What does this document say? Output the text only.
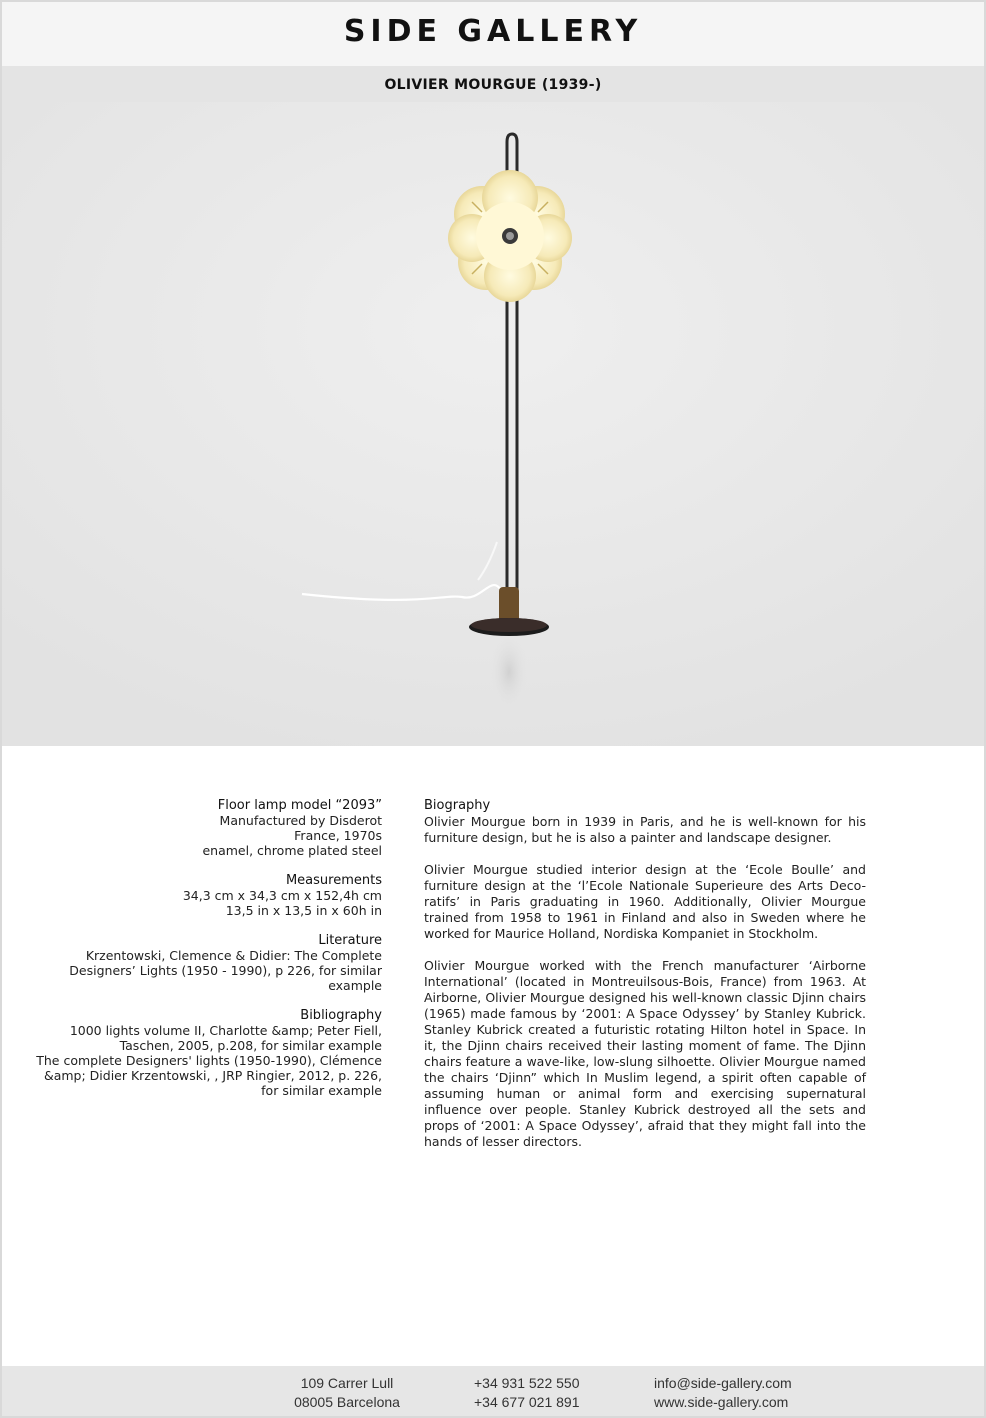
SIDE GALLERY
OLIVIER MOURGUE (1939-)
Floor lamp model “2093”
Manufactured by Disderot
France, 1970s
enamel, chrome plated steel
Measurements
34,3 cm x 34,3 cm x 152,4h cm
13,5 in x 13,5 in x 60h in
Literature
Krzentowski, Clemence & Didier: The Complete
Designers’ Lights (1950 - 1990), p 226, for similar
example
Bibliography
1000 lights volume II, Charlotte &amp; Peter Fiell,
Taschen, 2005, p.208, for similar example
The complete Designers' lights (1950-1990), Clémence
&amp; Didier Krzentowski, , JRP Ringier, 2012, p. 226,
for similar example
Biography

Olivier Mourgue born in 1939 in Paris, and he is well-known for his furniture design, but he is also a painter and landscape designer.

Olivier Mourgue studied interior design at the ‘Ecole Boulle’ and furniture design at the ‘l’Ecole Nationale Superieure des Arts Deco-ratifs’ in Paris graduating in 1960. Additionally, Olivier Mourgue trained from 1958 to 1961 in Finland and also in Sweden where he worked for Maurice Holland, Nordiska Kompaniet in Stockholm.

Olivier Mourgue worked with the French manufacturer ‘Airborne International’ (located in Montreuilsous-Bois, France) from 1963. At Airborne, Olivier Mourgue designed his well-known classic Djinn chairs (1965) made famous by ‘2001: A Space Odyssey’ by Stanley Kubrick. Stanley Kubrick created a futuristic rotating Hilton hotel in Space. In it, the Djinn chairs received their lasting moment of fame. The Djinn chairs feature a wave-like, low-slung silhoette. Olivier Mourgue named the chairs ‘Djinn” which In Muslim legend, a spirit often capable of assuming human or animal form and exercising supernatural influence over people. Stanley Kubrick destroyed all the sets and props of ‘2001: A Space Odyssey’, afraid that they might fall into the hands of lesser directors.

109 Carrer Lull
08005 Barcelona
+34 931 522 550
+34 677 021 891
info@side-gallery.com
www.side-gallery.com
